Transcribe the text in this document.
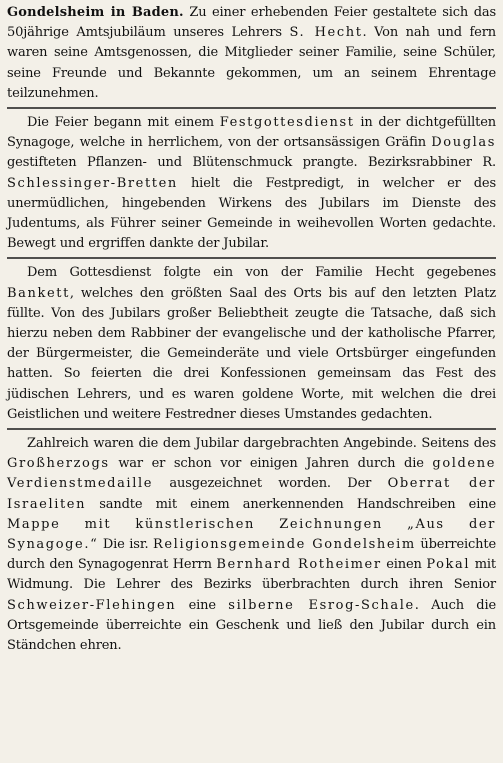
Gondelsheim in Baden. Zu einer erhebenden Feier gestaltete sich das 50jährige Amtsjubiläum unseres Lehrers S. Hecht. Von nah und fern waren seine Amtsgenossen, die Mitglieder seiner Familie, seine Schüler, seine Freunde und Bekannte gekommen, um an seinem Ehrentage teilzunehmen.

Die Feier begann mit einem Festgottesdienst in der dichtgefüllten Synagoge, welche in herrlichem, von der ortsansässigen Gräfin Douglas gestifteten Pflanzen- und Blütenschmuck prangte. Bezirksrabbiner R. Schlessinger-Bretten hielt die Festpredigt, in welcher er des unermüdlichen, hingebenden Wirkens des Jubilars im Dienste des Judentums, als Führer seiner Gemeinde in weihevollen Worten gedachte. Bewegt und ergriffen dankte der Jubilar.

Dem Gottesdienst folgte ein von der Familie Hecht gegebenes Bankett, welches den größten Saal des Orts bis auf den letzten Platz füllte. Von des Jubilars großer Beliebtheit zeugte die Tatsache, daß sich hierzu neben dem Rabbiner der evangelische und der katholische Pfarrer, der Bürgermeister, die Gemeinderäte und viele Ortsbürger eingefunden hatten. So feierten die drei Konfessionen gemeinsam das Fest des jüdischen Lehrers, und es waren goldene Worte, mit welchen die drei Geistlichen und weitere Festredner dieses Umstandes gedachten.

Zahlreich waren die dem Jubilar dargebrachten Angebinde. Seitens des Großherzogs war er schon vor einigen Jahren durch die goldene Verdienstmedaille ausgezeichnet worden. Der Oberrat der Israeliten sandte mit einem anerkennenden Handschreiben eine Mappe mit künstlerischen Zeichnungen „Aus der Synagoge.“ Die isr. Religionsgemeinde Gondelsheim überreichte durch den Synagogenrat Herrn Bernhard Rotheimer einen Pokal mit Widmung. Die Lehrer des Bezirks überbrachten durch ihren Senior Schweizer-Flehingen eine silberne Esrog-Schale. Auch die Ortsgemeinde überreichte ein Geschenk und ließ den Jubilar durch ein Ständchen ehren.
